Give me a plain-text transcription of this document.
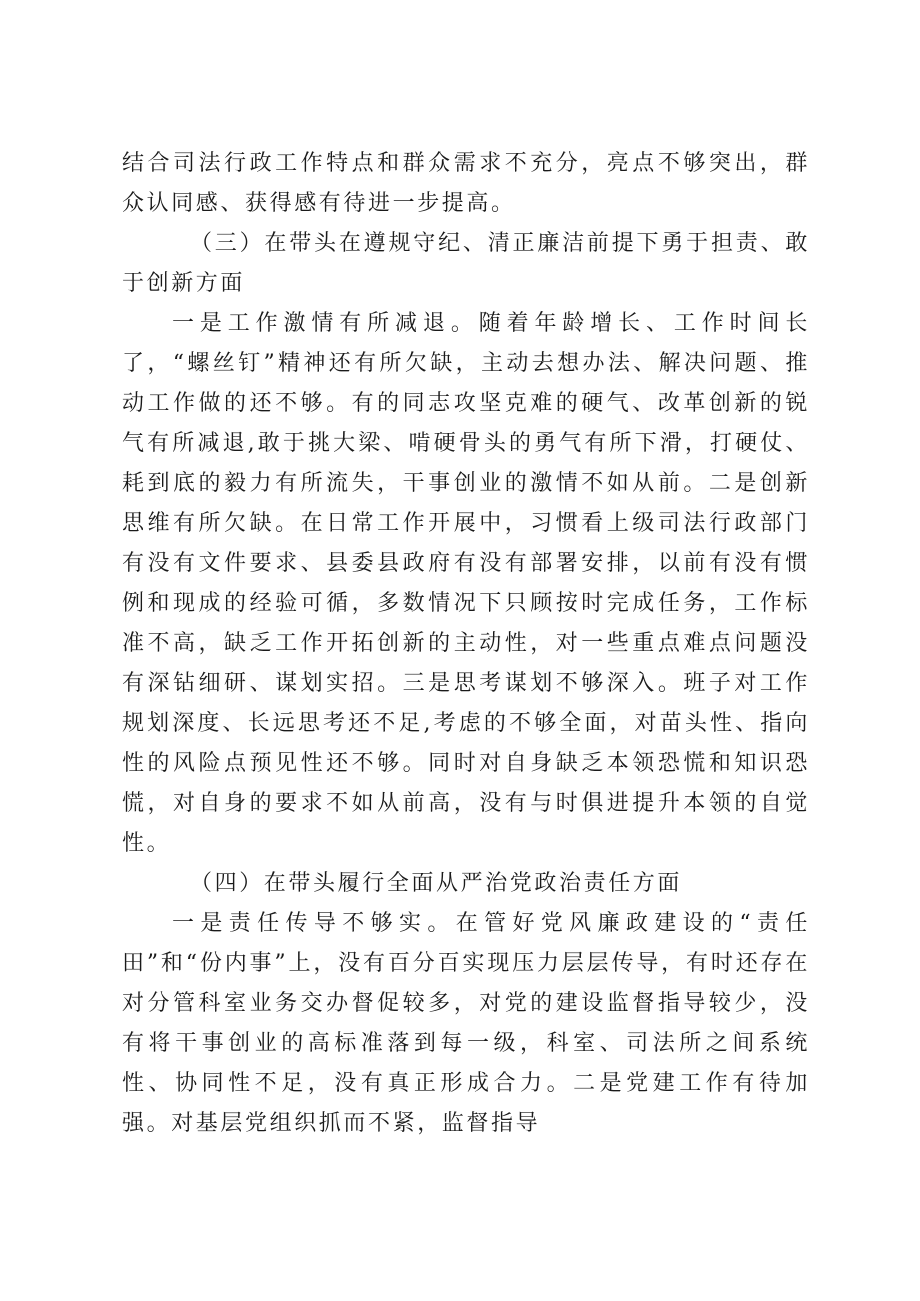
结合司法行政工作特点和群众需求不充分，亮点不够突出，群众认同感、获得感有待进一步提高。

（三）在带头在遵规守纪、清正廉洁前提下勇于担责、敢于创新方面

一是工作激情有所减退。随着年龄增长、工作时间长了，“螺丝钉”精神还有所欠缺，主动去想办法、解决问题、推动工作做的还不够。有的同志攻坚克难的硬气、改革创新的锐气有所减退,敢于挑大梁、啃硬骨头的勇气有所下滑，打硬仗、耗到底的毅力有所流失，干事创业的激情不如从前。二是创新思维有所欠缺。在日常工作开展中，习惯看上级司法行政部门有没有文件要求、县委县政府有没有部署安排，以前有没有惯例和现成的经验可循，多数情况下只顾按时完成任务，工作标准不高，缺乏工作开拓创新的主动性，对一些重点难点问题没有深钻细研、谋划实招。三是思考谋划不够深入。班子对工作规划深度、长远思考还不足,考虑的不够全面，对苗头性、指向性的风险点预见性还不够。同时对自身缺乏本领恐慌和知识恐慌，对自身的要求不如从前高，没有与时俱进提升本领的自觉性。

（四）在带头履行全面从严治党政治责任方面

一是责任传导不够实。在管好党风廉政建设的“责任田”和“份内事”上，没有百分百实现压力层层传导，有时还存在对分管科室业务交办督促较多，对党的建设监督指导较少，没有将干事创业的高标准落到每一级，科室、司法所之间系统性、协同性不足，没有真正形成合力。二是党建工作有待加强。对基层党组织抓而不紧，监督指导
